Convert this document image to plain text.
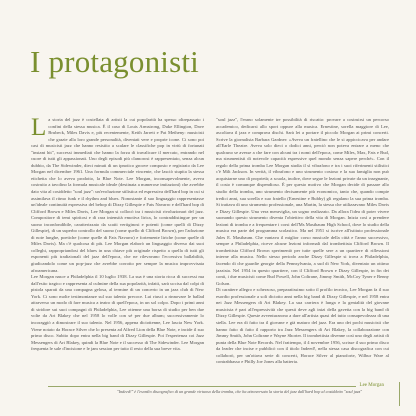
I protagonisti

La storia del jazz è costellata di artisti la cui popolarità ha spesso oltrepassato i confini della stessa musica. È il caso di Louis Armstrong, Duke Ellington, Dave Brubeck, Miles Davis e, più recentemente, Keith Jarrett e Pat Metheny: musicisti che grazie alla loro grande personalità, diventati vere e proprie icone. Ci sono poi casi di musicisti jazz che hanno resistito a scalare le classifiche pop in virtù di fortunati "instant hit", successi immediati che hanno la forza di travalicare il mercato, entrando nel cuore di tutti gli appassionati. Uno degli episodi più clamorosi è rappresentato, senza alcun dubbio, da The Sidewinder, dieci minuti di un ipnotico groove composto e registrato da Lee Morgan nel dicembre 1961. Una formula commerciale vincente, che lasciò stupita la stessa etichetta che lo aveva prodotto, la Blue Note. Lee Morgan, inconsapevolmente, aveva costruito a tavolino la formula musicale ideale (destinata a numerose imitazioni) che avrebbe dato vita al cosiddetto "soul jazz": un'evoluzione stilistica ed espressiva dell'hard bop in cui si assimilava il ritmo funk e il rhythm and blues. Nonostante il suo linguaggio rappresentasse un'ideale continuità espressiva del bebop di Dizzy Gillespie e Fats Navarro e dell'hard bop di Clifford Brown e Miles Davis, Lee Morgan si collocò tra i musicisti rivoluzionari del jazz. Compositore di temi spiritosi e di rara intensità emotiva lirica, lo contraddistingue per un suono inconfondibile, caratterizzato da scatti vertiginosi e potenti (come quelli di Dizzy Gillespie), di un superbo controllo del suono (come quello di Clifford Brown), per l'adozione di note lunghe, poetiche (come quelle di Fats Navarro) e fortemente liriche (come quelle di Miles Davis). Ma c'è qualcosa di più. Lee Morgan elaborò un linguaggio diverso dai suoi colleghi, rappropriandosi del blues in una chiave più originale rispetto a quella di tutti gli esponenti più tradizionali del jazz dell'epoca, che ne rilevavano l'eccessiva ballabilità, giudicandolo come un pop-jazz che avrebbe corrotto per sempre la musica improvvisata afroamericana.

Lee Morgan nasce a Philadelphia il 10 luglio 1938. La sua è una storia ricca di successi ma dall'esito tragico e rappresenta al culmine della sua popolarità, infatti, sarà uccisa dal colpi di pistola sparati da una compagna gelosa, al termine di un concerto in un jazz club di New York. Ci sono molte testimonianze sul suo talento precoce. Lui riuscì a rinnovare le ballad attraverso un modo di fare musica a teatro di quell'epoca, in un sol colpo. Dopo i primi anni di stridore sui suoi compagni di Philadelphia, Lee ottenne una borsa di studio per ben due volte da Art Blakey che nel 1958 lo volle con sé per due album; successivamente lo incoraggiò a dimostrare il suo talento. Nel 1956, appena diciottenne, Lee lascia New York. Viene notato da Horace Silver che lo presenta ad Alfred Lion della Blue Note, e incide il suo primo disco. Subito dopo entra nella big band di Dizzy Gillespie. Poi l'esperienza coi Jazz Messengers di Art Blakey, quindi la Blue Note e il successo di The Sidewinder. Lee Morgan frequenta le sale d'incisione e le jam session per tutto il resto della sua breve vita.

"soul jazz", l'erano solamente tre possibilità di riscatto: provare a costruirsi un percorso accademico, dedicarsi allo sport oppure alla musica. Ernestine, sorella maggiore di Lee, ascoltava il jazz e comprava dischi. Sarà lei a portare il piccolo Morgan ai primi concerti. Scrive la giornalista Barbara Gardner: «Aveva un fratellino che le si appiccicava per andare all'Earle Theatre. Aveva solo dieci o dodici anni, perciò non poteva entrare a meno che qualcuno se avesse a che fare con alcuni tra i nomi dell'epoca, come Miles, Max, Fats e Bud, ma strumentisti di notevole capacità espressive quel mondo senza sapere perché». Con il regalo della prima tromba Lee Morgan studia il sì vibrafono e tra i suoi riferimenti stilistici c'è Milt Jackson. In verità, il vibrafono e uno strumento costoso e la sua famiglia non può acquistarne uno di proprietà; a scuola, inoltre, dove segue le lezioni private da un insegnante, il costo è comunque dispendioso. È per questo motivo che Morgan decide di passare allo studio della tromba, uno strumento decisamente più economico, tanto che, quando compie tredici anni, sua sorella e suo fratello (Ernestine e Bubby) gli regalano la sua prima tromba. Si trattava di uno strumento professionale, una Martin, la stessa che utilizzavano Miles Davis e Dizzy Gillespie. Una vera meraviglia, un sogno realizzato. Da allora l'idea di poter vivere suonando questo strumento diventa l'obiettivo della vita di Morgan. Inizia così a prendere lezioni di tromba e a frequentare i corsi dell'Ms Mastbaum High School, dove lo studio della musica era parte del programma scolastico. Ma nel 1951 si iscrive all'istituto professionale Jules E. Mastbaum. Che vantava il miglior corso musicale della città e l'anno successivo, sempre a Philadelphia, riceve alcune lezioni informali dal trombettista Clifford Brown. Il trombettista Clifford Brown sperimentò per tutte quelle sere a un quartiere di riflessioni interne alla musica. Nello stesso periodo anche Dizzy Gillespie si trova a Philadelphia, facendo di che guardie georgie della Pennsylvania, a sud di New York, diventato un ottimo jazzista. Nel 1954 in questo quartiere, con il Clifford Brown e Dizzy Gillespie, in fin dei conti, i due musicisti come Bud Powell, John Coltrane, Jimmy Smith, McCoy Tyner e Benny Golson.

Di carattere allegro e scherzoso, preparatissimo sotto il profilo tecnico, Lee Morgan fa il suo esordio professionale a soli diciotto anni nella big band di Dizzy Gillespie, e nel 1958 entra nei Jazz Messengers di Art Blakey. La sua carriera è lunga e la genialità del giovane musicista è pari all'espressività che questi deve agli inizi della gavetta con la big band di Dizzy Gillespie. Queste avventurarono a dare all'artista quasi del tutto consapevolezza di una stella. Lee era di fatto tra il giovane e già maturo del jazz. Era uno dei pochi musicisti che hanno fatto di fatto il rapporto tra Jazz Messengers di Art Blakey, la collaborazione con Jimmy Smith, John Coltrane e Wayne Shorter. Il trombettista divenne così uno degli artisti di punta della Blue Note Records. Nel frattempo, il 4 novembre 1956, scrisse il suo primo disco da leader che incise e pubblicò con il titolo Indeed!, nella stessa casa discografica con cui collaborò, per un'ottava serie di concerti, Horace Silver al pianoforte, Wilbur Ware al contrabbasso e Philly Joe Jones alla batteria.

"Indeed!" è l'esordio discografico di un grande virtuoso della tromba, che ha attraversato la storia del jazz dall'hard bop al cosiddetto "soul jazz"
Lee Morgan
